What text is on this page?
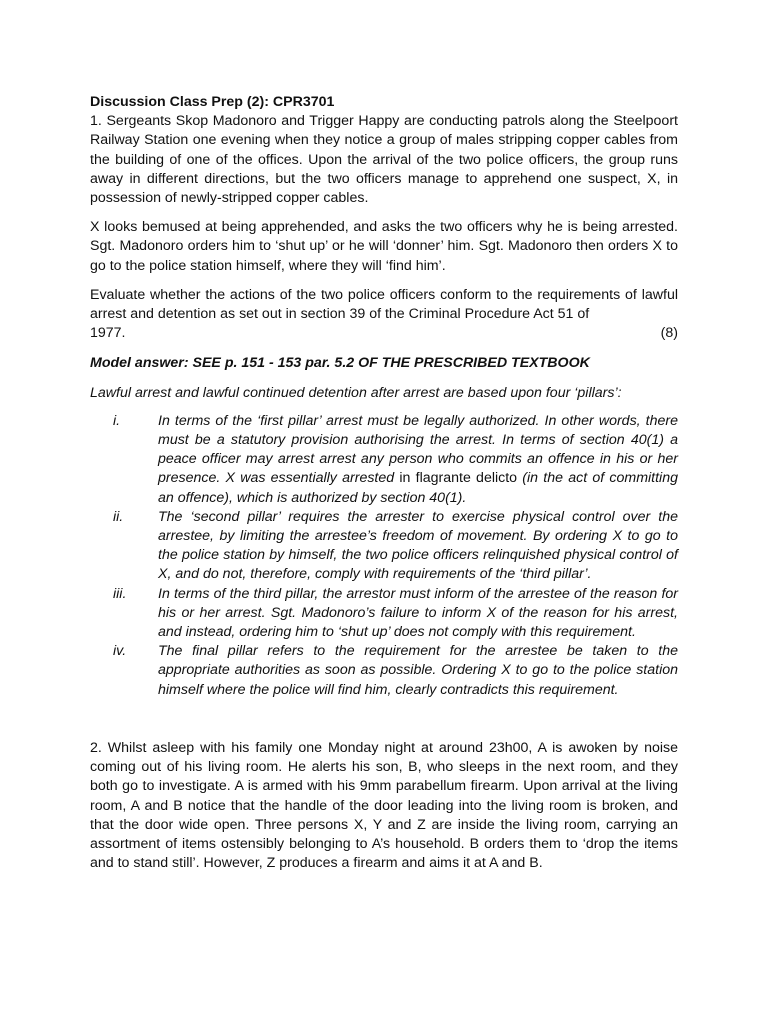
Discussion Class Prep (2): CPR3701

1. Sergeants Skop Madonoro and Trigger Happy are conducting patrols along the Steelpoort Railway Station one evening when they notice a group of males stripping copper cables from the building of one of the offices. Upon the arrival of the two police officers, the group runs away in different directions, but the two officers manage to apprehend one suspect, X, in possession of newly-stripped copper cables.

X looks bemused at being apprehended, and asks the two officers why he is being arrested. Sgt. Madonoro orders him to ‘shut up’ or he will ‘donner’ him. Sgt. Madonoro then orders X to go to the police station himself, where they will ‘find him’.

Evaluate whether the actions of the two police officers conform to the requirements of lawful arrest and detention as set out in section 39 of the Criminal Procedure Act 51 of

1977.	(8)

Model answer: SEE p. 151 - 153 par. 5.2 OF THE PRESCRIBED TEXTBOOK

Lawful arrest and lawful continued detention after arrest are based upon four ‘pillars’:

i.	In terms of the ‘first pillar’ arrest must be legally authorized. In other words, there must be a statutory provision authorising the arrest. In terms of section 40(1) a peace officer may arrest arrest any person who commits an offence in his or her presence. X was essentially arrested in flagrante delicto (in the act of committing an offence), which is authorized by section 40(1).
ii.	The ‘second pillar’ requires the arrester to exercise physical control over the arrestee, by limiting the arrestee’s freedom of movement. By ordering X to go to the police station by himself, the two police officers relinquished physical control of X, and do not, therefore, comply with requirements of the ‘third pillar’.
iii.	In terms of the third pillar, the arrestor must inform of the arrestee of the reason for his or her arrest. Sgt. Madonoro’s failure to inform X of the reason for his arrest, and instead, ordering him to ‘shut up’ does not comply with this requirement.
iv.	The final pillar refers to the requirement for the arrestee be taken to the appropriate authorities as soon as possible. Ordering X to go to the police station himself where the police will find him, clearly contradicts this requirement.

2. Whilst asleep with his family one Monday night at around 23h00, A is awoken by noise coming out of his living room. He alerts his son, B, who sleeps in the next room, and they both go to investigate. A is armed with his 9mm parabellum firearm. Upon arrival at the living room, A and B notice that the handle of the door leading into the living room is broken, and that the door wide open. Three persons X, Y and Z are inside the living room, carrying an assortment of items ostensibly belonging to A’s household. B orders them to ‘drop the items and to stand still’. However, Z produces a firearm and aims it at A and B.
